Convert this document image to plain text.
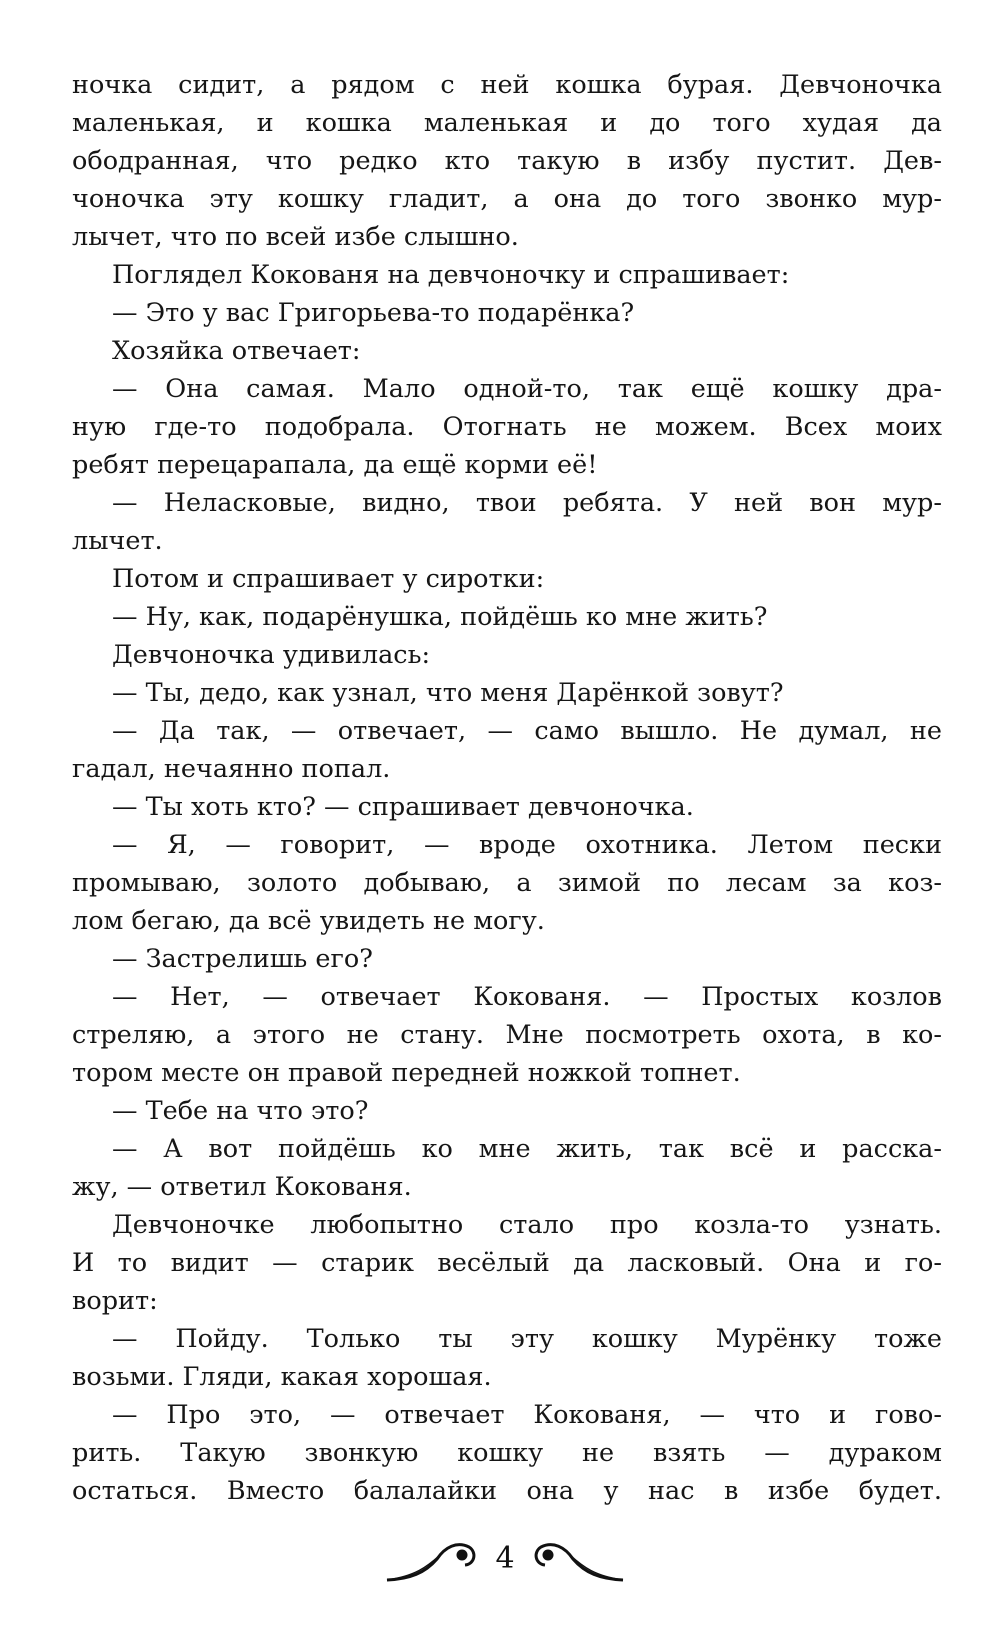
ночка сидит, а рядом с ней кошка бурая. Девчоночка
маленькая, и кошка маленькая и до того худая да
ободранная, что редко кто такую в избу пустит. Дев-
чоночка эту кошку гладит, а она до того звонко мур-
лычет, что по всей избе слышно.
Поглядел Кокованя на девчоночку и спрашивает:
— Это у вас Григорьева-то подарёнка?
Хозяйка отвечает:
— Она самая. Мало одной-то, так ещё кошку дра-
ную где-то подобрала. Отогнать не можем. Всех моих
ребят перецарапала, да ещё корми её!
— Неласковые, видно, твои ребята. У ней вон мур-
лычет.
Потом и спрашивает у сиротки:
— Ну, как, подарёнушка, пойдёшь ко мне жить?
Девчоночка удивилась:
— Ты, дедо, как узнал, что меня Дарёнкой зовут?
— Да так, — отвечает, — само вышло. Не думал, не
гадал, нечаянно попал.
— Ты хоть кто? — спрашивает девчоночка.
— Я, — говорит, — вроде охотника. Летом пески
промываю, золото добываю, а зимой по лесам за коз-
лом бегаю, да всё увидеть не могу.
— Застрелишь его?
— Нет, — отвечает Кокованя. — Простых козлов
стреляю, а этого не стану. Мне посмотреть охота, в ко-
тором месте он правой передней ножкой топнет.
— Тебе на что это?
— А вот пойдёшь ко мне жить, так всё и расска-
жу, — ответил Кокованя.
Девчоночке любопытно стало про козла-то узнать.
И то видит — старик весёлый да ласковый. Она и го-
ворит:
— Пойду. Только ты эту кошку Мурёнку тоже
возьми. Гляди, какая хорошая.
— Про это, — отвечает Кокованя, — что и гово-
рить. Такую звонкую кошку не взять — дураком
остаться. Вместо балалайки она у нас в избе будет.
4
